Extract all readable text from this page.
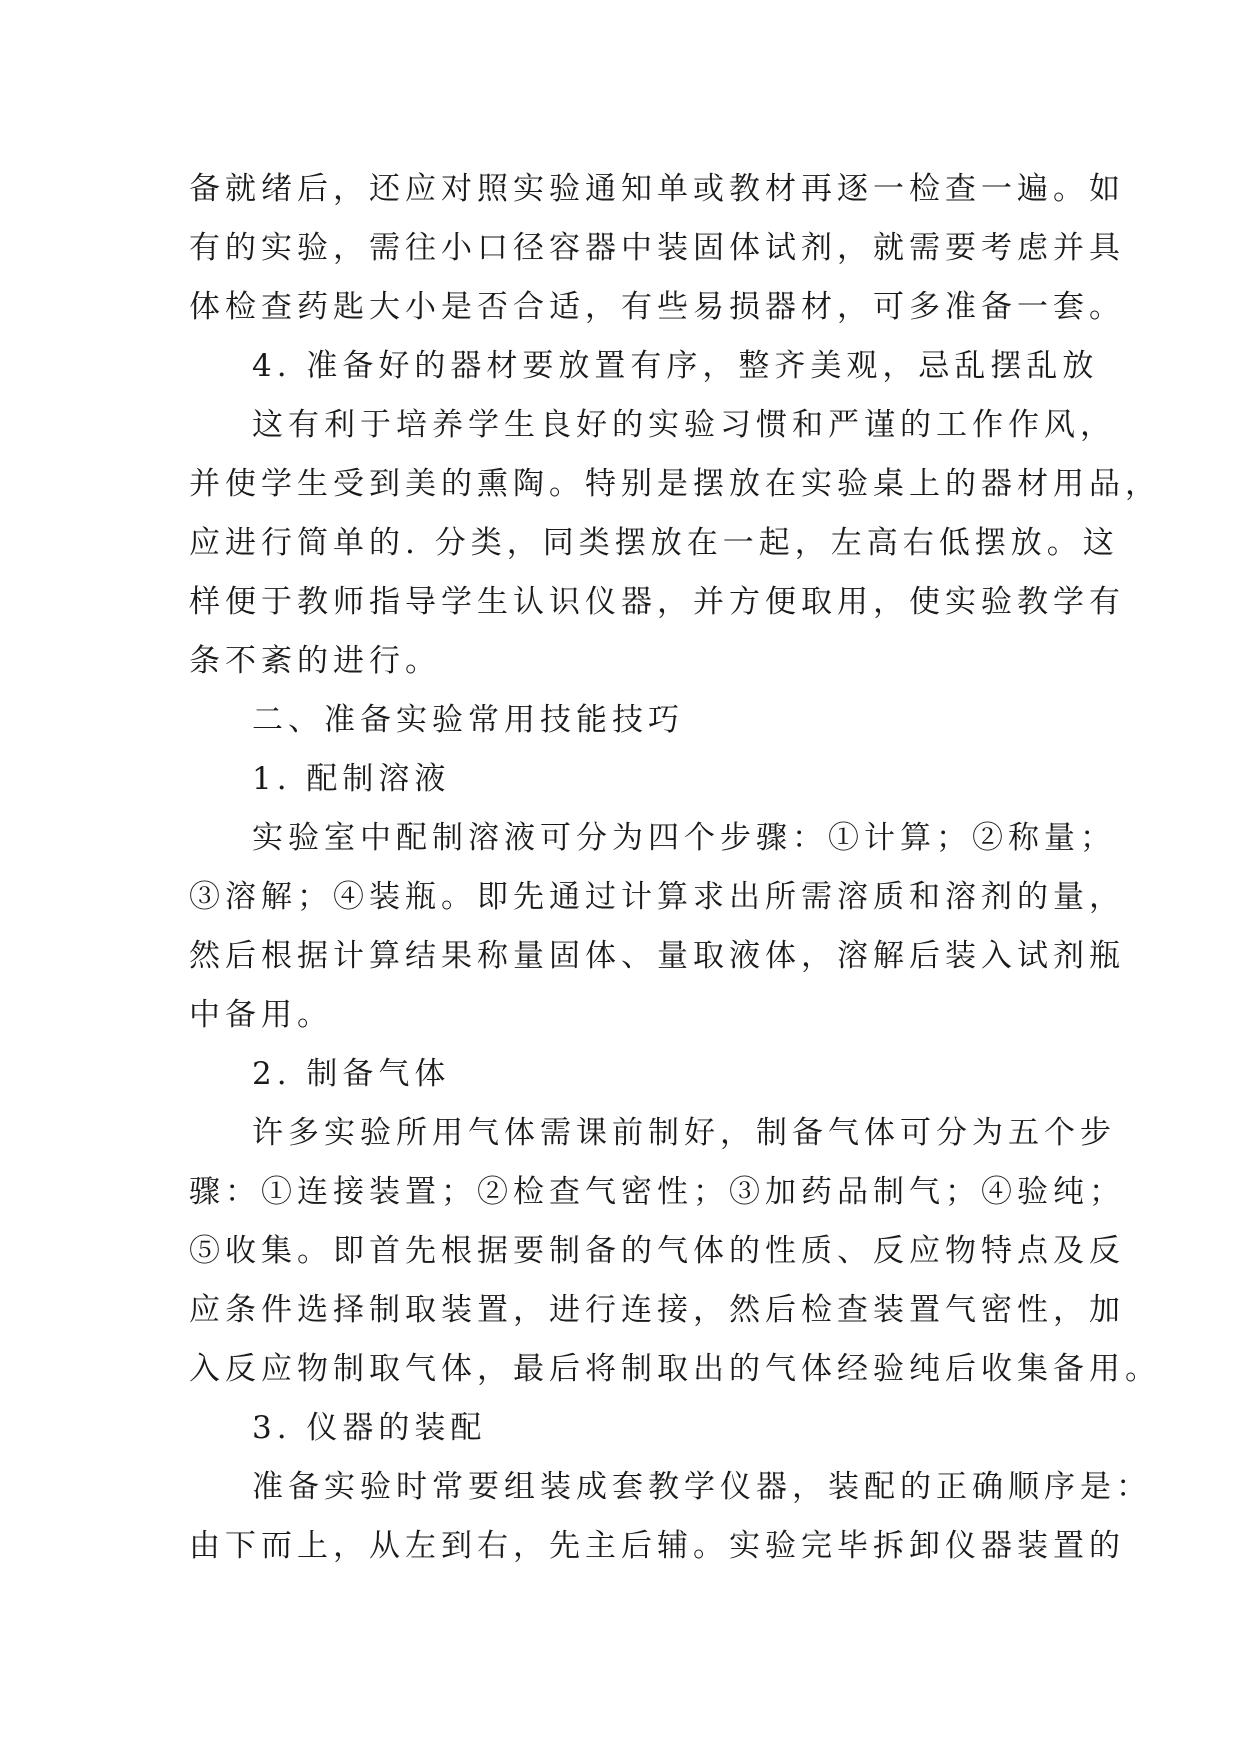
备就绪后，还应对照实验通知单或教材再逐一检查一遍。如
有的实验，需往小口径容器中装固体试剂，就需要考虑并具
体检查药匙大小是否合适，有些易损器材，可多准备一套。
4. 准备好的器材要放置有序，整齐美观，忌乱摆乱放
这有利于培养学生良好的实验习惯和严谨的工作作风，
并使学生受到美的熏陶。特别是摆放在实验桌上的器材用品，
应进行简单的. 分类，同类摆放在一起，左高右低摆放。这
样便于教师指导学生认识仪器，并方便取用，使实验教学有
条不紊的进行。
二、准备实验常用技能技巧
1. 配制溶液
实验室中配制溶液可分为四个步骤：①计算；②称量；
③溶解；④装瓶。即先通过计算求出所需溶质和溶剂的量，
然后根据计算结果称量固体、量取液体，溶解后装入试剂瓶
中备用。
2. 制备气体
许多实验所用气体需课前制好，制备气体可分为五个步
骤：①连接装置；②检查气密性；③加药品制气；④验纯；
⑤收集。即首先根据要制备的气体的性质、反应物特点及反
应条件选择制取装置，进行连接，然后检查装置气密性，加
入反应物制取气体，最后将制取出的气体经验纯后收集备用。
3. 仪器的装配
准备实验时常要组装成套教学仪器，装配的正确顺序是：
由下而上，从左到右，先主后辅。实验完毕拆卸仪器装置的
